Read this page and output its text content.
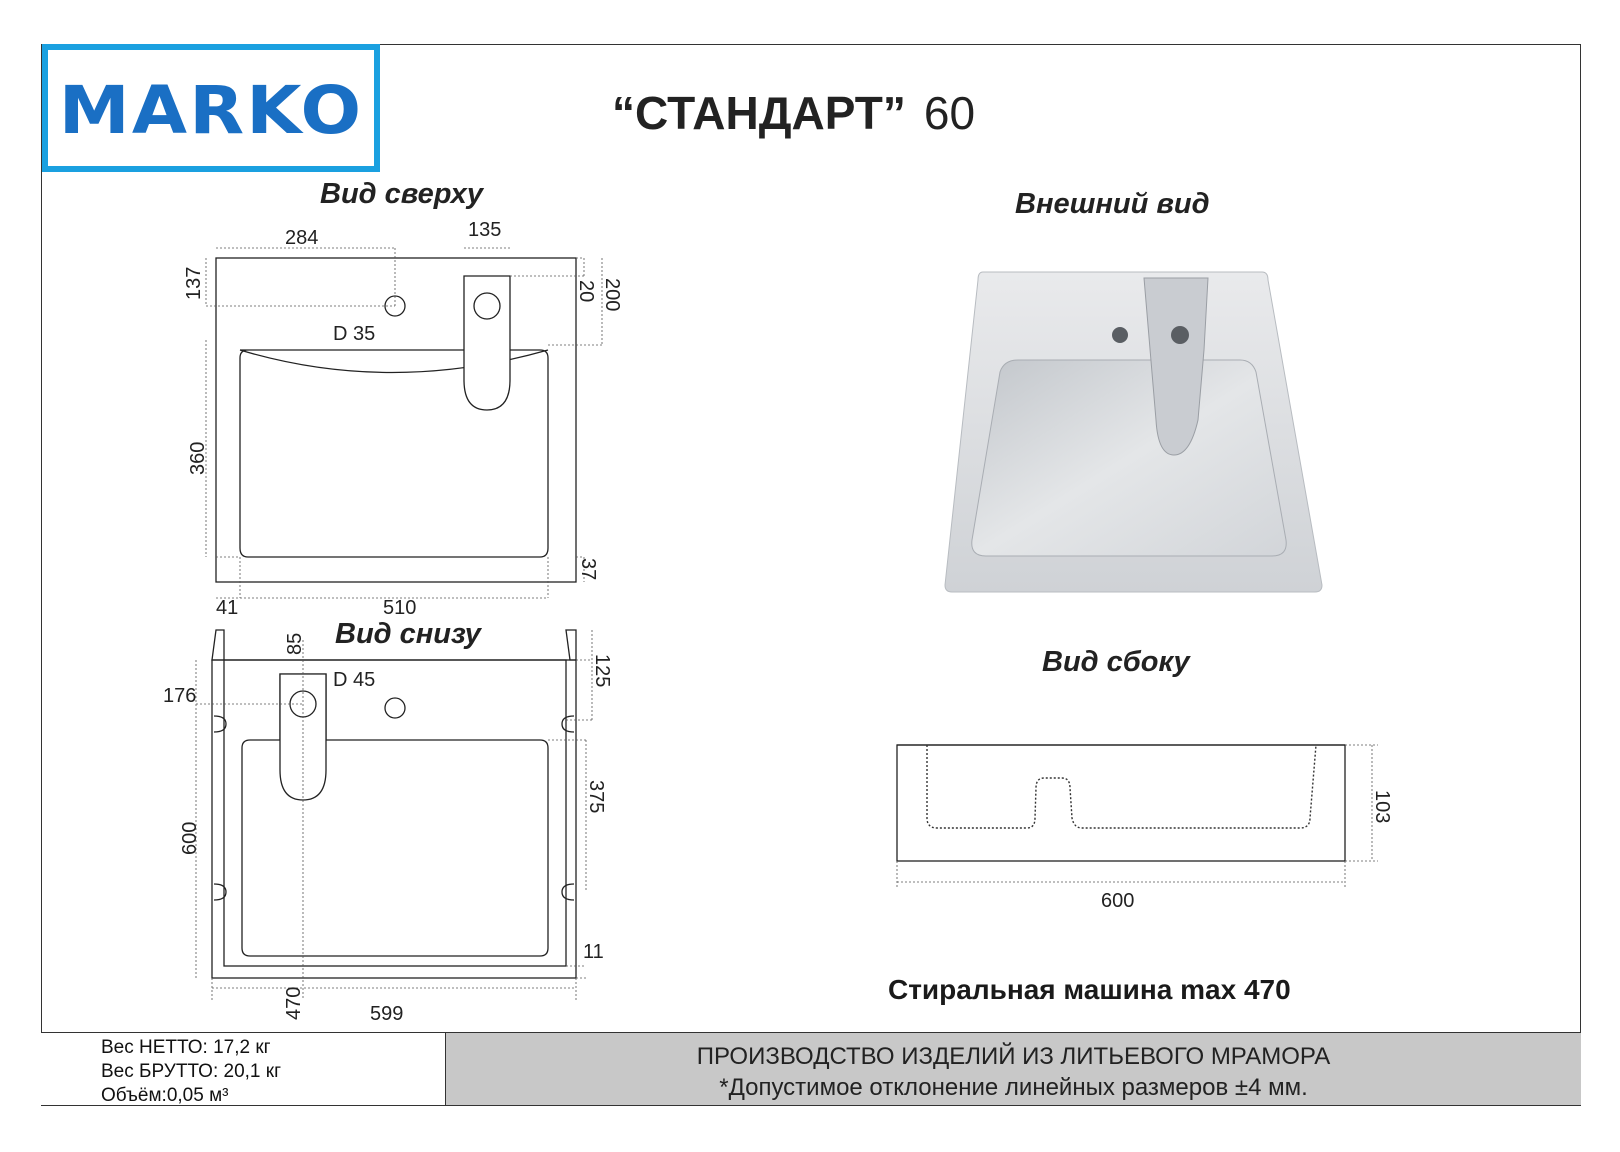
MARKO	“СТАНДАРТ” 60
Вид сверху	Внешний вид
Вид снизу
Вид сбоку
284	135
137	20 200
D 35
360
37
41	510
85
D 45
176
125
375
600
11
470	599
103
600
Стиральная машина max 470
Вес НЕТТО: 17,2 кг
Вес БРУТТО: 20,1 кг
Объём:0,05 м³
ПРОИЗВОДСТВО ИЗДЕЛИЙ ИЗ ЛИТЬЕВОГО МРАМОРА
*Допустимое отклонение линейных размеров ±4 мм.
